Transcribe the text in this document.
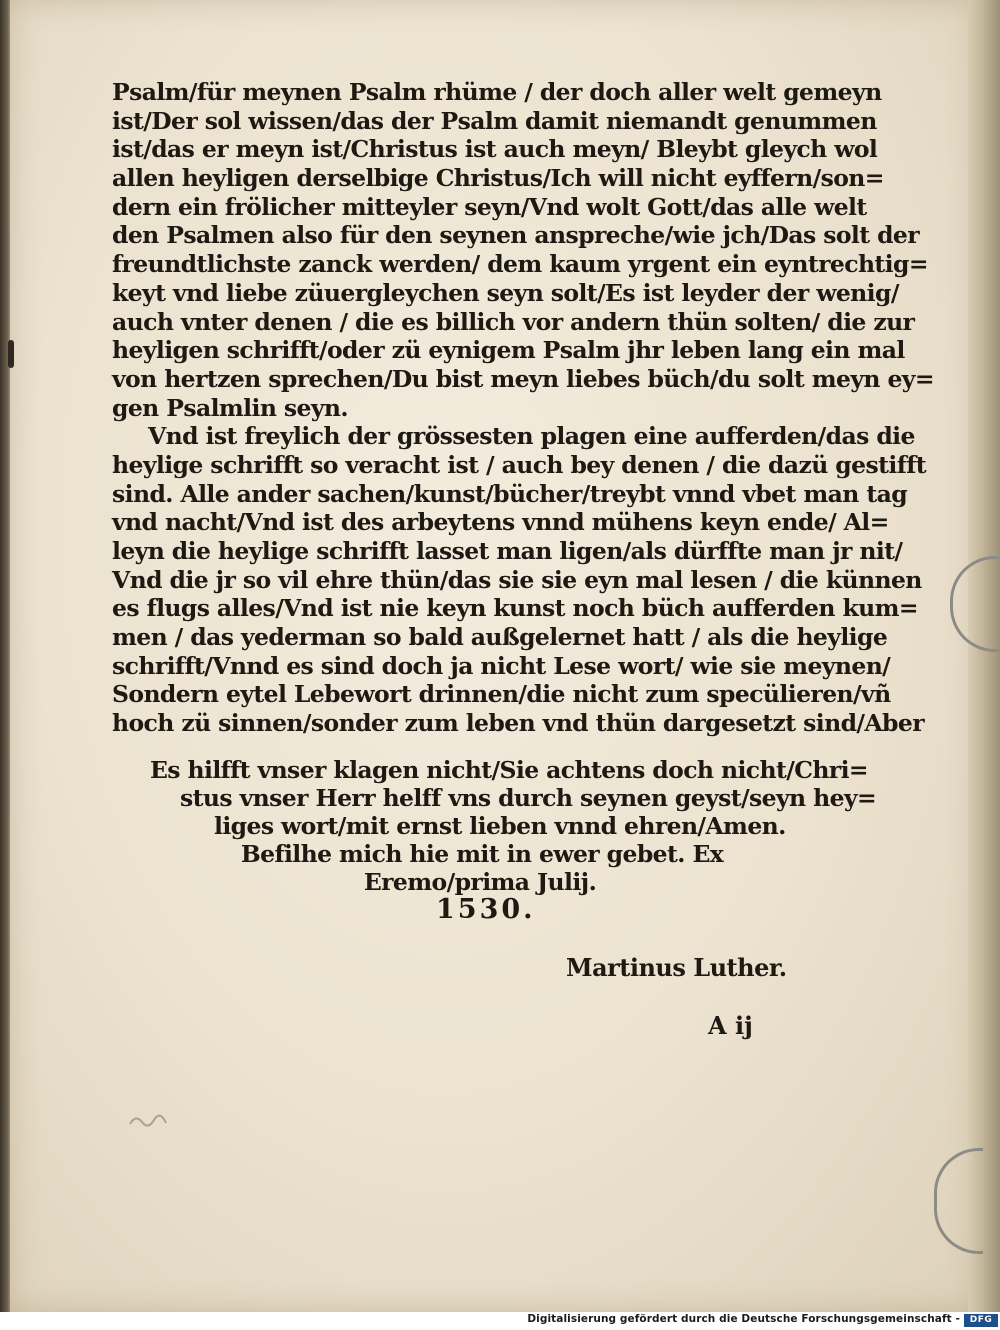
Psalm/für meynen Psalm rhüme / der doch aller welt gemeyn
ist/Der sol wissen/das der Psalm damit niemandt genummen
ist/das er meyn ist/Christus ist auch meyn/ Bleybt gleych wol
allen heyligen derselbige Christus/Ich will nicht eyffern/son=
dern ein frölicher mitteyler seyn/Vnd wolt Gott/das alle welt
den Psalmen also für den seynen anspreche/wie jch/Das solt der
freundtlichste zanck werden/ dem kaum yrgent ein eyntrechtig=
keyt vnd liebe züuergleychen seyn solt/Es ist leyder der wenig/
auch vnter denen / die es billich vor andern thün solten/ die zur
heyligen schrifft/oder zü eynigem Psalm jhr leben lang ein mal
von hertzen sprechen/Du bist meyn liebes büch/du solt meyn ey=
gen Psalmlin seyn.
Vnd ist freylich der grössesten plagen eine aufferden/das die
heylige schrifft so veracht ist / auch bey denen / die dazü gestifft
sind. Alle ander sachen/kunst/bücher/treybt vnnd vbet man tag
vnd nacht/Vnd ist des arbeytens vnnd mühens keyn ende/ Al=
leyn die heylige schrifft lasset man ligen/als dürffte man jr nit/
Vnd die jr so vil ehre thün/das sie sie eyn mal lesen / die künnen
es flugs alles/Vnd ist nie keyn kunst noch büch aufferden kum=
men / das yederman so bald außgelernet hatt / als die heylige
schrifft/Vnnd es sind doch ja nicht Lese wort/ wie sie meynen/
Sondern eytel Lebewort drinnen/die nicht zum specülieren/vñ
hoch zü sinnen/sonder zum leben vnd thün dargesetzt sind/Aber
Es hilfft vnser klagen nicht/Sie achtens doch nicht/Chri=
stus vnser Herr helff vns durch seynen geyst/seyn hey=
liges wort/mit ernst lieben vnnd ehren/Amen.
Befilhe mich hie mit in ewer gebet. Ex
Eremo/prima Julij.
1530.
Martinus Luther.
A ij
Digitalisierung gefördert durch die Deutsche Forschungsgemeinschaft -	DFG
